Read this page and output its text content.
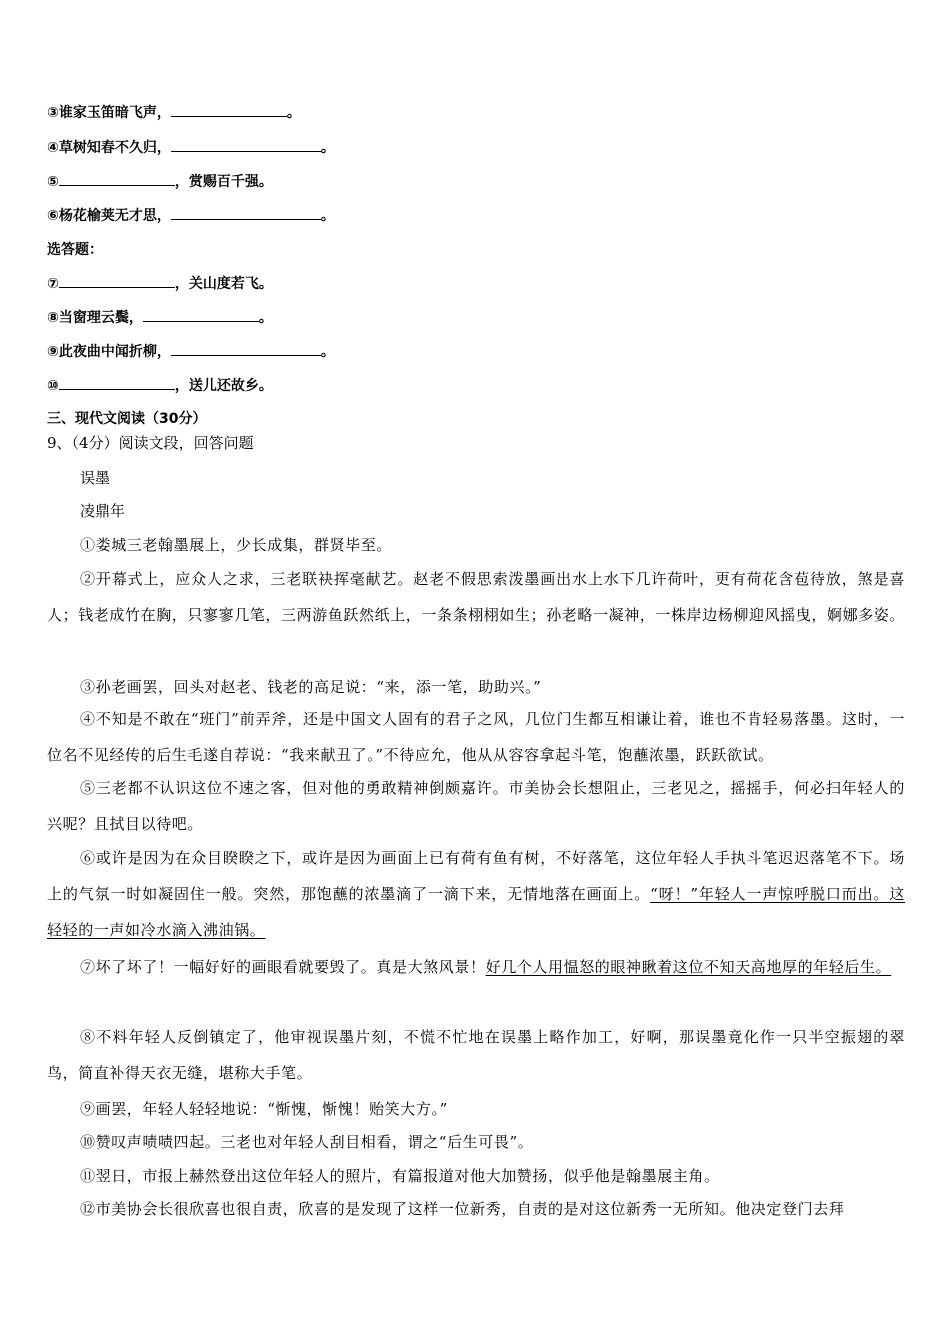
③谁家玉笛暗飞声，	。
④草树知春不久归，	。
⑤	，赏赐百千强。
⑥杨花榆荚无才思，	。
选答题：
⑦	，关山度若飞。
⑧当窗理云鬓，	。
⑨此夜曲中闻折柳，	。
⑩	，送儿还故乡。
三、现代文阅读（30分）
9、（4分）阅读文段，回答问题
误墨
凌鼎年
①娄城三老翰墨展上，少长成集，群贤毕至。
②开幕式上，应众人之求，三老联袂挥毫献艺。赵老不假思索泼墨画出水上水下几许荷叶，更有荷花含苞待放，煞是喜人；钱老成竹在胸，只寥寥几笔，三两游鱼跃然纸上，一条条栩栩如生；孙老略一凝神，一株岸边杨柳迎风摇曳，婀娜多姿。
③孙老画罢，回头对赵老、钱老的高足说：“来，添一笔，助助兴。”
④不知是不敢在“班门”前弄斧，还是中国文人固有的君子之风，几位门生都互相谦让着，谁也不肯轻易落墨。这时，一位名不见经传的后生毛遂自荐说：“我来献丑了。”不待应允，他从从容容拿起斗笔，饱蘸浓墨，跃跃欲试。
⑤三老都不认识这位不速之客，但对他的勇敢精神倒颇嘉许。市美协会长想阻止，三老见之，摇摇手，何必扫年轻人的兴呢？且拭目以待吧。
⑥或许是因为在众目睽睽之下，或许是因为画面上已有荷有鱼有树，不好落笔，这位年轻人手执斗笔迟迟落笔不下。场上的气氛一时如凝固住一般。突然，那饱蘸的浓墨滴了一滴下来，无情地落在画面上。“呀！”年轻人一声惊呼脱口而出。这轻轻的一声如冷水滴入沸油锅。
⑦坏了坏了！一幅好好的画眼看就要毁了。真是大煞风景！好几个人用愠怒的眼神瞅着这位不知天高地厚的年轻后生。
⑧不料年轻人反倒镇定了，他审视误墨片刻，不慌不忙地在误墨上略作加工，好啊，那误墨竟化作一只半空振翅的翠鸟，简直补得天衣无缝，堪称大手笔。
⑨画罢，年轻人轻轻地说：“惭愧，惭愧！贻笑大方。”
⑩赞叹声啧啧四起。三老也对年轻人刮目相看，谓之“后生可畏”。
⑪翌日，市报上赫然登出这位年轻人的照片，有篇报道对他大加赞扬，似乎他是翰墨展主角。
⑫市美协会长很欣喜也很自责，欣喜的是发现了这样一位新秀，自责的是对这位新秀一无所知。他决定登门去拜
